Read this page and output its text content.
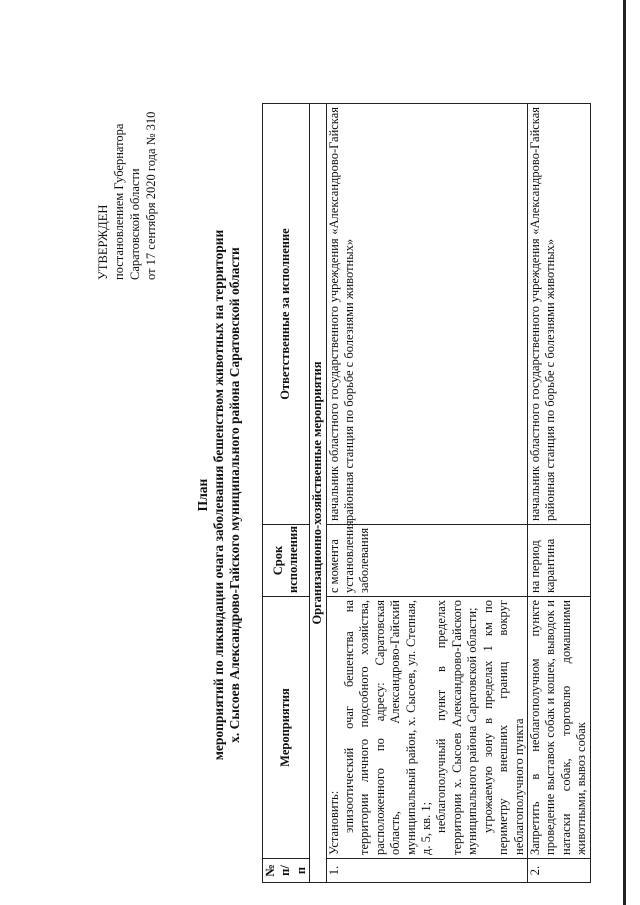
УТВЕРЖДЕН постановлением Губернатора Саратовской области от 17 сентября 2020 года № 310
План мероприятий по ликвидации очага заболевания бешенством животных на территории х. Сысоев Александрово-Гайского муниципального района Саратовской области
№ п/п	Мероприятия	Срок исполнения	Ответственные за исполнение
Организационно-хозяйственные мероприятия			
1.	Установить: эпизоотический очаг бешенства на территории личного подсобного хозяйства, расположенного по адресу: Саратовская область, Александрово-Гайский муниципальный район, х. Сысоев, ул. Степная, д. 5, кв. 1; неблагополучный пункт в пределах территории х. Сысоев Александрово-Гайского муниципального района Саратовской области; угрожаемую зону в пределах 1 км по периметру внешних границ вокруг неблагополучного пункта	с момента установления заболевания	начальник областного государственного учреждения «Александрово-Гайская районная станция по борьбе с болезнями животных»
2.	Запретить в неблагополучном пункте проведение выставок собак и кошек, выводок и натаски собак, торговлю домашними животными, вывоз собак	на период карантина	начальник областного государственного учреждения «Александрово-Гайская районная станция по борьбе с болезнями животных»
